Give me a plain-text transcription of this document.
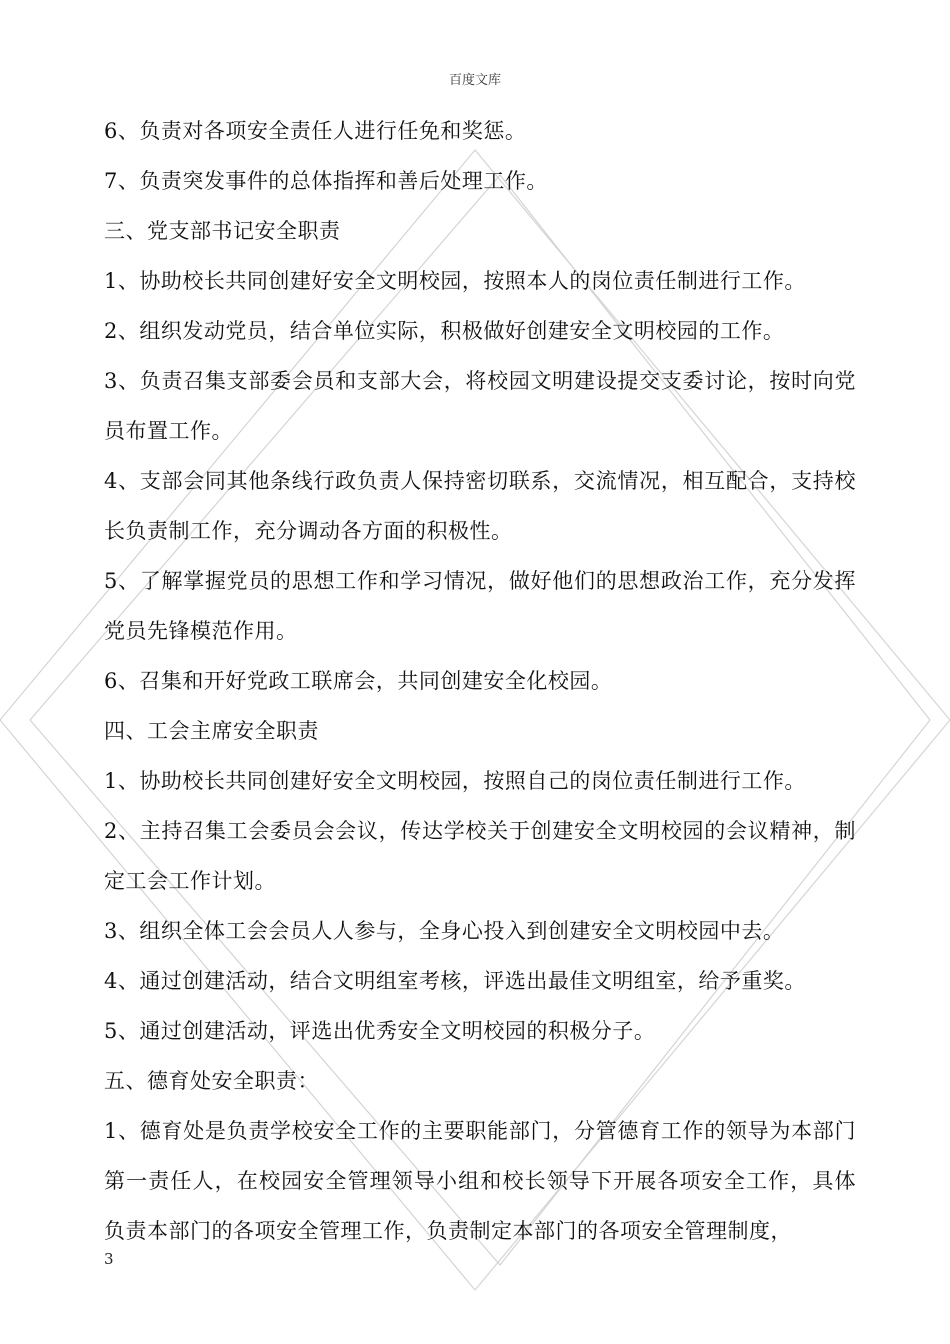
百度文库

6、负责对各项安全责任人进行任免和奖惩。

7、负责突发事件的总体指挥和善后处理工作。

三、党支部书记安全职责

1、协助校长共同创建好安全文明校园，按照本人的岗位责任制进行工作。

2、组织发动党员，结合单位实际，积极做好创建安全文明校园的工作。

3、负责召集支部委会员和支部大会，将校园文明建设提交支委讨论，按时向党员布置工作。

4、支部会同其他条线行政负责人保持密切联系，交流情况，相互配合，支持校长负责制工作，充分调动各方面的积极性。

5、了解掌握党员的思想工作和学习情况，做好他们的思想政治工作，充分发挥党员先锋模范作用。

6、召集和开好党政工联席会，共同创建安全化校园。

四、工会主席安全职责

1、协助校长共同创建好安全文明校园，按照自己的岗位责任制进行工作。

2、主持召集工会委员会会议，传达学校关于创建安全文明校园的会议精神，制定工会工作计划。

3、组织全体工会会员人人参与，全身心投入到创建安全文明校园中去。

4、通过创建活动，结合文明组室考核，评选出最佳文明组室，给予重奖。

5、通过创建活动，评选出优秀安全文明校园的积极分子。

五、德育处安全职责：

1、德育处是负责学校安全工作的主要职能部门，分管德育工作的领导为本部门第一责任人，在校园安全管理领导小组和校长领导下开展各项安全工作，具体负责本部门的各项安全管理工作，负责制定本部门的各项安全管理制度，

3
